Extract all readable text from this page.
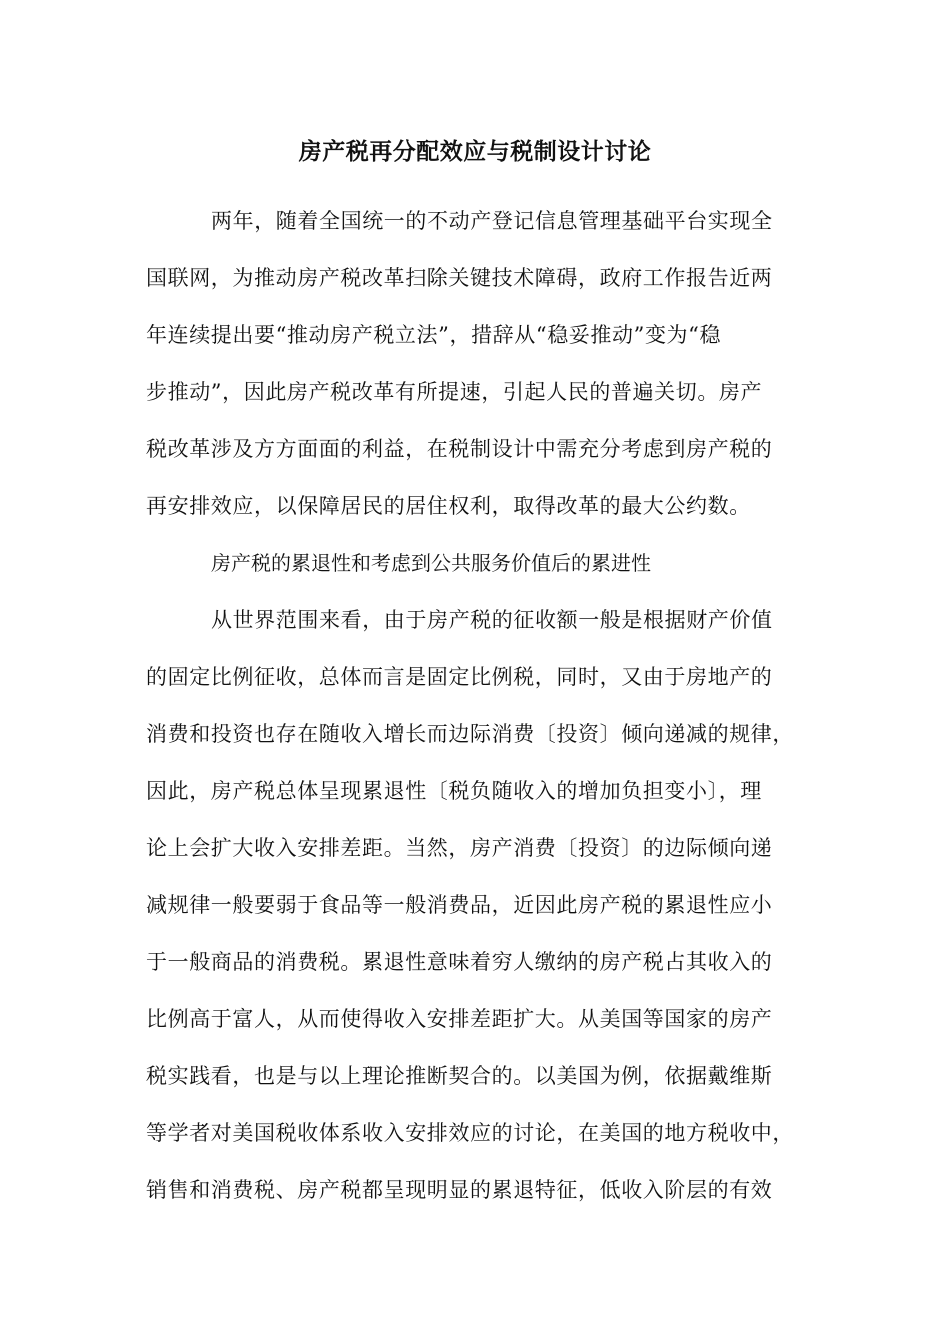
房产税再分配效应与税制设计讨论
两年，随着全国统一的不动产登记信息管理基础平台实现全
国联网，为推动房产税改革扫除关键技术障碍，政府工作报告近两
年连续提出要“推动房产税立法”，措辞从“稳妥推动”变为“稳
步推动”，因此房产税改革有所提速，引起人民的普遍关切。房产
税改革涉及方方面面的利益，在税制设计中需充分考虑到房产税的
再安排效应，以保障居民的居住权利，取得改革的最大公约数。
房产税的累退性和考虑到公共服务价值后的累进性
从世界范围来看，由于房产税的征收额一般是根据财产价值
的固定比例征收，总体而言是固定比例税，同时，又由于房地产的
消费和投资也存在随收入增长而边际消费〔投资〕倾向递减的规律，
因此，房产税总体呈现累退性〔税负随收入的增加负担变小〕，理
论上会扩大收入安排差距。当然，房产消费〔投资〕的边际倾向递
减规律一般要弱于食品等一般消费品，近因此房产税的累退性应小
于一般商品的消费税。累退性意味着穷人缴纳的房产税占其收入的
比例高于富人，从而使得收入安排差距扩大。从美国等国家的房产
税实践看，也是与以上理论推断契合的。以美国为例，依据戴维斯
等学者对美国税收体系收入安排效应的讨论，在美国的地方税收中，
销售和消费税、房产税都呈现明显的累退特征，低收入阶层的有效
